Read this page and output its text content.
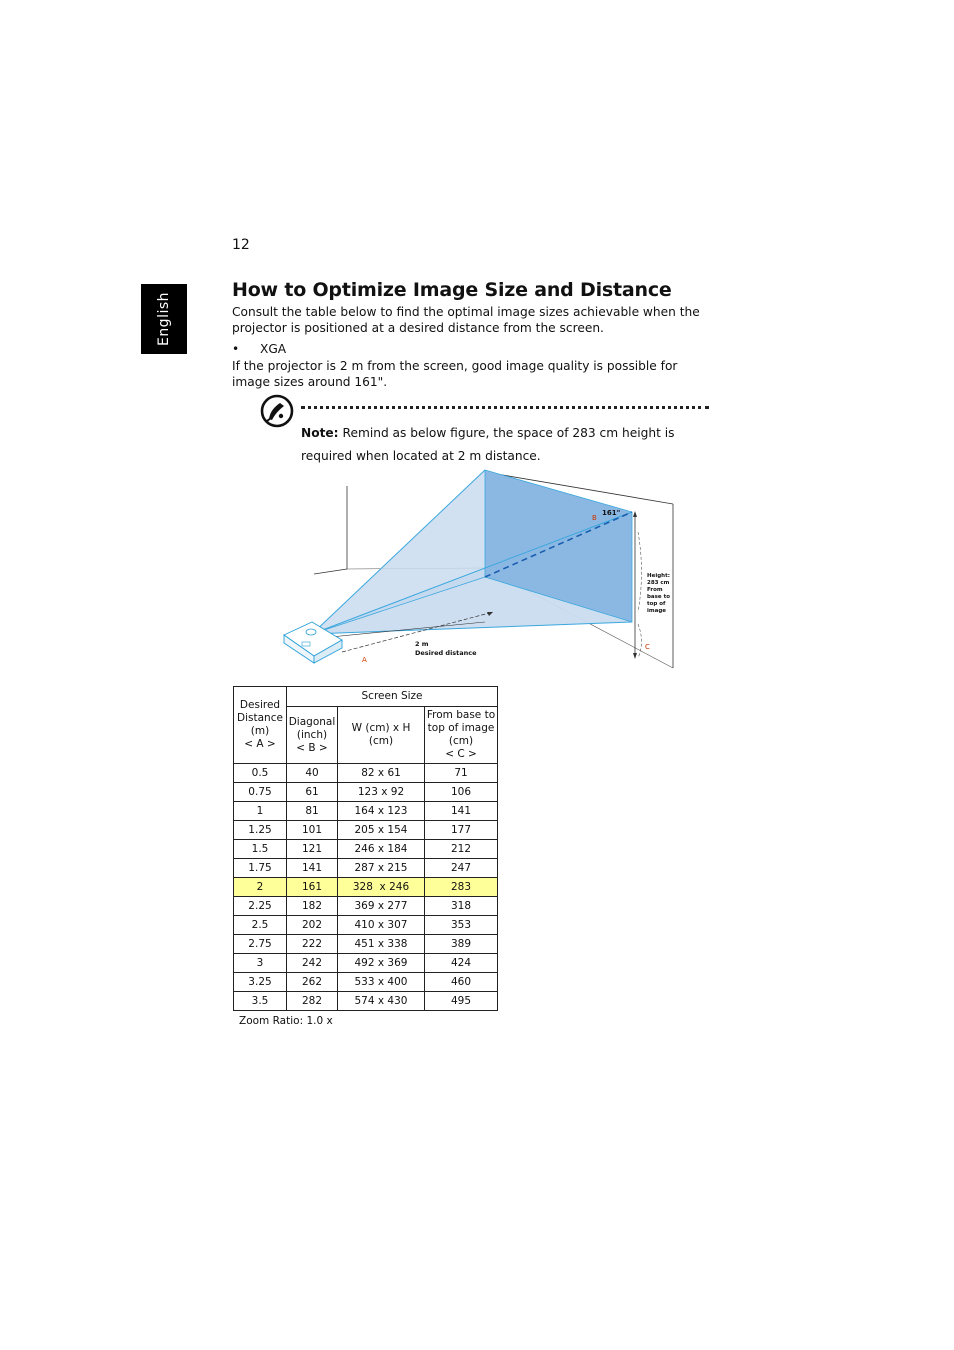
12
English
How to Optimize Image Size and Distance

Consult the table below to find the optimal image sizes achievable when the projector is positioned at a desired distance from the screen.

• XGA

If the projector is 2 m from the screen, good image quality is possible for image sizes around 161".

Note: Remind as below figure, the space of 283 cm height is required when located at 2 m distance.

161"
B
A
C
2 m
Desired distance
Height:
283 cm
From
base to
top of
image
Desired
Distance
(m)
< A >	Screen Size		
	Diagonal
(inch)
< B >	W (cm) x H (cm)	From base to
top of image
(cm)
< C >
0.5	40	82 x 61	71
0.75	61	123 x 92	106
1	81	164 x 123	141
1.25	101	205 x 154	177
1.5	121	246 x 184	212
1.75	141	287 x 215	247
2	161	328  x 246	283
2.25	182	369 x 277	318
2.5	202	410 x 307	353
2.75	222	451 x 338	389
3	242	492 x 369	424
3.25	262	533 x 400	460
3.5	282	574 x 430	495
Zoom Ratio: 1.0 x
